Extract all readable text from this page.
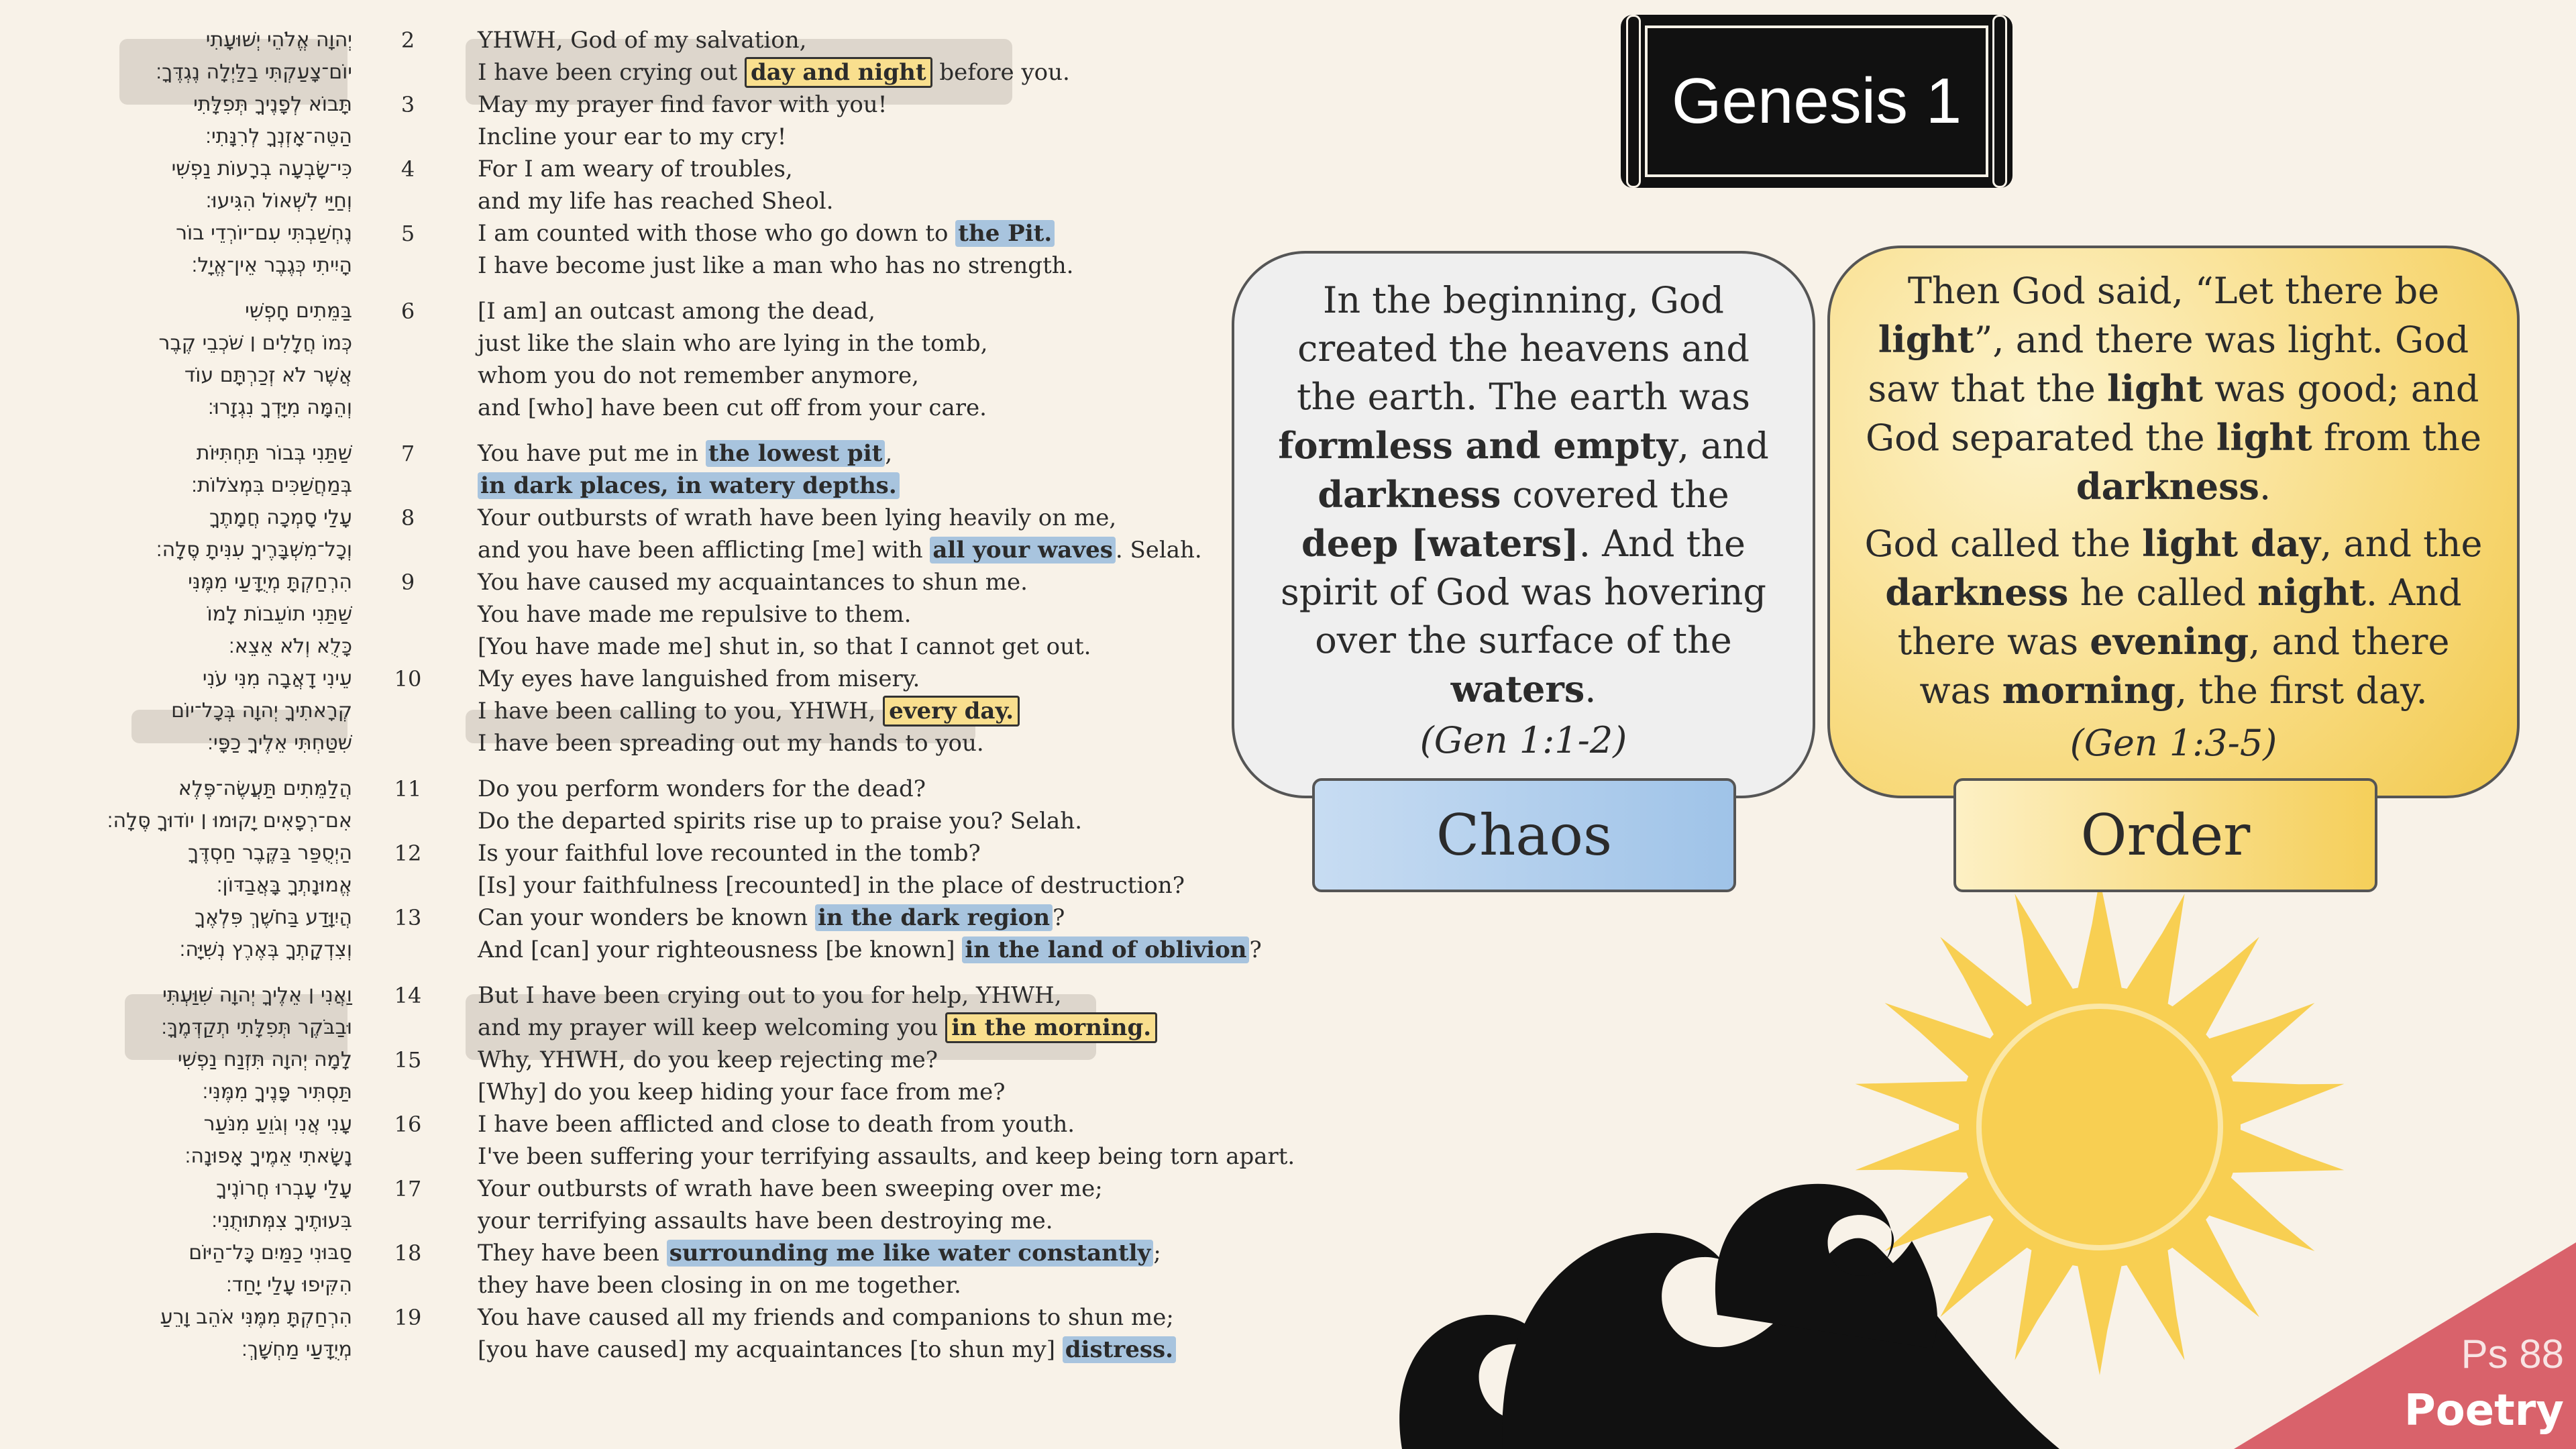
יְהוָה אֱלֹהֵי יְשׁוּעָתִי	2	YHWH, God of my salvation,
יוֹם־צָעַקְתִּי בַלַּיְלָה נֶגְדֶּךָ׃	I have been crying out day and night before you.
תָּבוֹא לְפָנֶיךָ תְּפִלָּתִי	3	May my prayer find favor with you!
הַטֵּה־אָזְנְךָ לְרִנָּתִי׃	Incline your ear to my cry!
כִּי־שָׂבְעָה בְרָעוֹת נַפְשִׁי	4	For I am weary of troubles,
וְחַיַּי לִשְׁאוֹל הִגִּיעוּ׃	and my life has reached Sheol.
נֶחְשַׁבְתִּי עִם־יוֹרְדֵי בוֹר	5	I am counted with those who go down to the Pit.
הָיִיתִי כְּגֶבֶר אֵין־אֱיָל׃	I have become just like a man who has no strength.
בַּמֵּתִים חָפְשִׁי	6	[I am] an outcast among the dead,
כְּמוֹ חֲלָלִים ׀ שֹׁכְבֵי קֶבֶר	just like the slain who are lying in the tomb,
אֲשֶׁר לֹא זְכַרְתָּם עוֹד	whom you do not remember anymore,
וְהֵמָּה מִיָּדְךָ נִגְזָרוּ׃	and [who] have been cut off from your care.
שַׁתַּנִי בְּבוֹר תַּחְתִּיּוֹת	7	You have put me in the lowest pit ,
בְּמַחֲשַׁכִּים בִּמְצֹלוֹת׃	in dark places, in watery depths.
עָלַי סָמְכָה חֲמָתֶךָ	8	Your outbursts of wrath have been lying heavily on me,
וְכָל־מִשְׁבָּרֶיךָ עִנִּיתָ סֶּלָה׃	and you have been afflicting [me] with all your waves . Selah.
הִרְחַקְתָּ מְיֻדָּעַי מִמֶּנִּי	9	You have caused my acquaintances to shun me.
שַׁתַּנִי תוֹעֵבוֹת לָמוֹ	You have made me repulsive to them.
כָּלֻא וְלֹא אֵצֵא׃	[You have made me] shut in, so that I cannot get out.
עֵינִי דָאֲבָה מִנִּי עֹנִי 10 My eyes have languished from misery.
קְרָאתִיךָ יְהוָה בְּכָל־יוֹם	I have been calling to you, YHWH, every day.
שִׁטַּחְתִּי אֵלֶיךָ כַפָּי׃	I have been spreading out my hands to you.
הֲלַמֵּתִים תַּעֲשֶׂה־פֶּלֶא 11 Do you perform wonders for the dead?
אִם־רְפָאִים יָקוּמוּ ׀ יוֹדוּךָ סֶּלָה׃	Do the departed spirits rise up to praise you? Selah.
הַיְסֻפַּר בַּקֶּבֶר חַסְדֶּךָ 12 Is your faithful love recounted in the tomb?
אֱמוּנָתְךָ בָּאֲבַדּוֹן׃	[Is] your faithfulness [recounted] in the place of destruction?
הֲיִוָּדַע בַּחֹשֶׁךְ פִּלְאֶךָ 13 Can your wonders be known in the dark region ?
וְצִדְקָתְךָ בְּאֶרֶץ נְשִׁיָּה׃	And [can] your righteousness [be known] in the land of oblivion ?
וַאֲנִי ׀ אֵלֶיךָ יְהוָה שִׁוַּעְתִּי 14 But I have been crying out to you for help, YHWH,
וּבַבֹּקֶר תְּפִלָּתִי תְקַדְּמֶךָּ׃	and my prayer will keep welcoming you in the morning.
לָמָה יְהוָה תִּזְנַח נַפְשִׁי 15 Why, YHWH, do you keep rejecting me?
תַּסְתִּיר פָּנֶיךָ מִמֶּנִּי׃	[Why] do you keep hiding your face from me?
עָנִי אֲנִי וְגֹוֵעַ מִנֹּעַר 16 I have been afflicted and close to death from youth.
נָשָׂאתִי אֵמֶיךָ אָפוּנָה׃	I've been suffering your terrifying assaults, and keep being torn apart.
עָלַי עָבְרוּ חֲרוֹנֶיךָ 17 Your outbursts of wrath have been sweeping over me;
בִּעוּתֶיךָ צִמְּתוּתֻנִי׃	your terrifying assaults have been destroying me.
סַבּוּנִי כַמַּיִם כָּל־הַיּוֹם 18 They have been surrounding me like water constantly ;
הִקִּיפוּ עָלַי יָחַד׃	they have been closing in on me together.
הִרְחַקְתָּ מִמֶּנִּי אֹהֵב וָרֵעַ 19 You have caused all my friends and companions to shun me;
מְיֻדָּעַי מַחְשָׁךְ׃	[you have caused] my acquaintances [to shun my] distress.
Genesis 1
In the beginning, God created the heavens and the earth. The earth was formless and empty, and darkness covered the deep [waters]. And the spirit of God was hovering over the surface of the waters.
(Gen 1:1-2)
Chaos
Then God said, “Let there be light”, and there was light. God saw that the light was good; and God separated the light from the darkness.
God called the light day, and the darkness he called night. And there was evening, and there was morning, the first day.
(Gen 1:3-5)
Order
Ps 88
Poetry
